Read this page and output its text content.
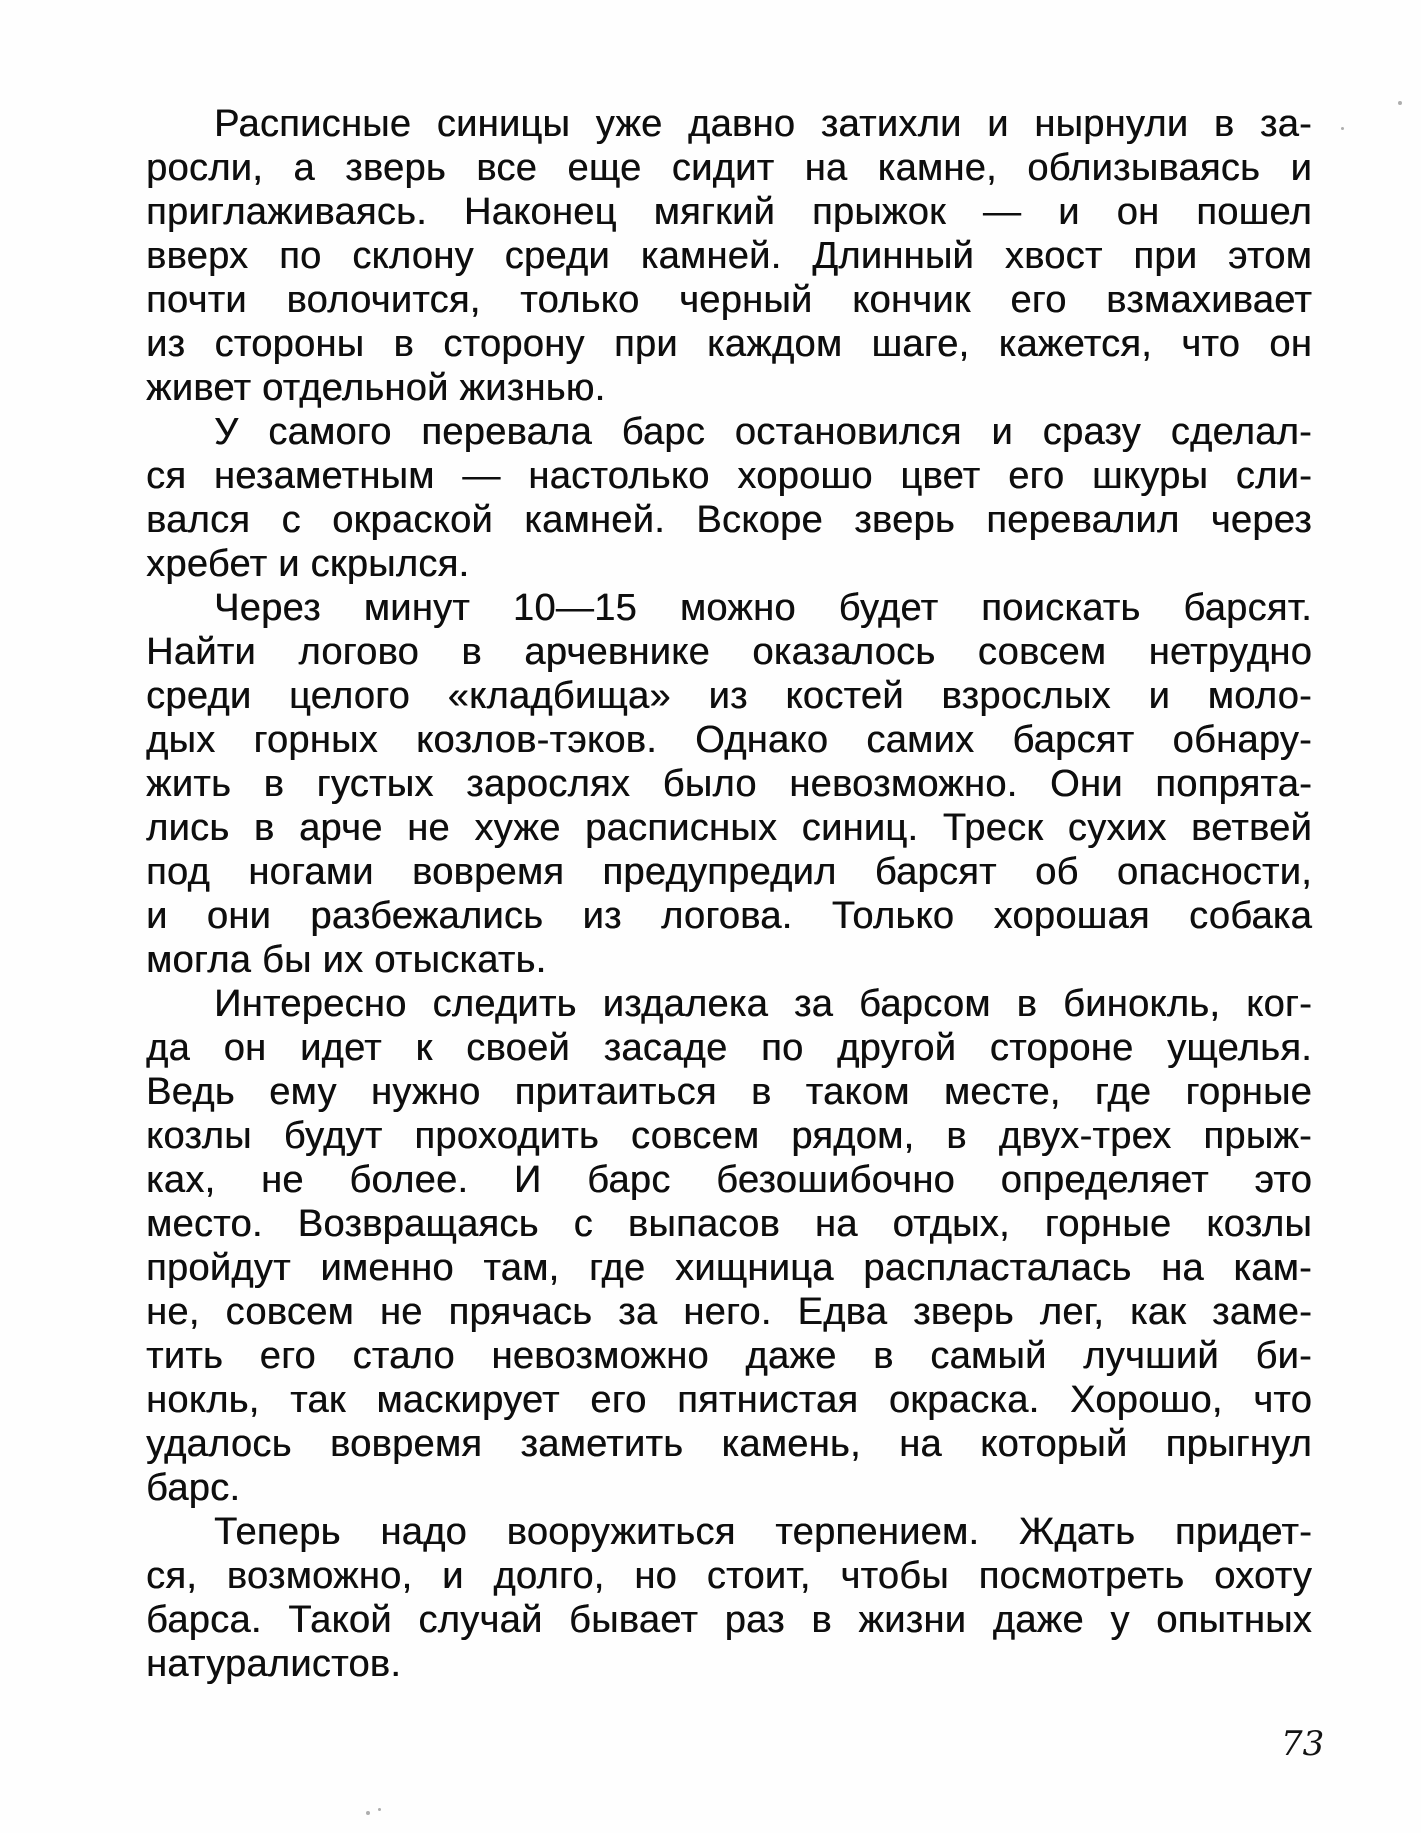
Расписные синицы уже давно затихли и нырнули в за-
росли, а зверь все еще сидит на камне, облизываясь и
приглаживаясь. Наконец мягкий прыжок — и он пошел
вверх по склону среди камней. Длинный хвост при этом
почти волочится, только черный кончик его взмахивает
из стороны в сторону при каждом шаге, кажется, что он
живет отдельной жизнью.
У самого перевала барс остановился и сразу сделал-
ся незаметным — настолько хорошо цвет его шкуры сли-
вался с окраской камней. Вскоре зверь перевалил через
хребет и скрылся.
Через минут 10—15 можно будет поискать барсят.
Найти логово в арчевнике оказалось совсем нетрудно
среди целого «кладбища» из костей взрослых и моло-
дых горных козлов-тэков. Однако самих барсят обнару-
жить в густых зарослях было невозможно. Они попрята-
лись в арче не хуже расписных синиц. Треск сухих ветвей
под ногами вовремя предупредил барсят об опасности,
и они разбежались из логова. Только хорошая собака
могла бы их отыскать.
Интересно следить издалека за барсом в бинокль, ког-
да он идет к своей засаде по другой стороне ущелья.
Ведь ему нужно притаиться в таком месте, где горные
козлы будут проходить совсем рядом, в двух-трех прыж-
ках, не более. И барс безошибочно определяет это
место. Возвращаясь с выпасов на отдых, горные козлы
пройдут именно там, где хищница распласталась на кам-
не, совсем не прячась за него. Едва зверь лег, как заме-
тить его стало невозможно даже в самый лучший би-
нокль, так маскирует его пятнистая окраска. Хорошо, что
удалось вовремя заметить камень, на который прыгнул
барс.
Теперь надо вооружиться терпением. Ждать придет-
ся, возможно, и долго, но стоит, чтобы посмотреть охоту
барса. Такой случай бывает раз в жизни даже у опытных
натуралистов.
73
